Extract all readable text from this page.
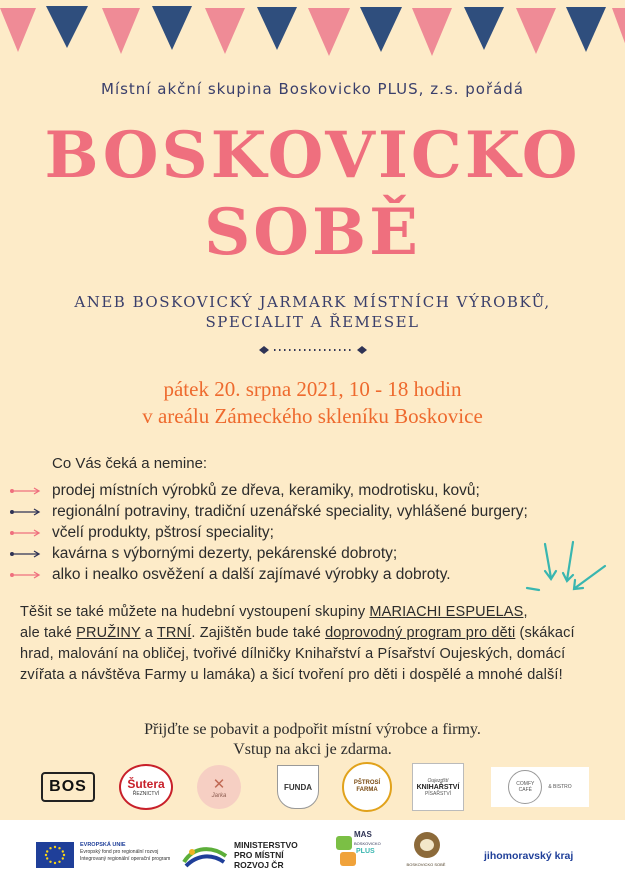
Místní akční skupina Boskovicko PLUS, z.s. pořádá
BOSKOVICKO
SOBĚ
ANEB BOSKOVICKÝ JARMARK MÍSTNÍCH VÝROBKŮ,
SPECIALIT A ŘEMESEL
pátek 20. srpna 2021, 10 - 18 hodin
v areálu Zámeckého skleníku Boskovice
Co Vás čeká a nemine:
prodej místních výrobků ze dřeva, keramiky, modrotisku, kovů;
regionální potraviny, tradiční uzenářské speciality, vyhlášené burgery;
včelí produkty, pštrosí speciality;
kavárna s výbornými dezerty, pekárenské dobroty;
alko i nealko osvěžení a další zajímavé výrobky a dobroty.
Těšit se také můžete na hudební vystoupení skupiny MARIACHI ESPUELAS,
ale také PRUŽINY a TRNÍ. Zajištěn bude také doprovodný program pro děti (skákací hrad, malování na obličej, tvořivé dílničky Knihařství a Písařství Oujeských, domácí zvířata a návštěva Farmy u lamáka) a šicí tvoření pro děti i dospělé a mnohé další!
Přijďte se pobavit a podpořit místní výrobce a firmy.
Vstup na akci je zdarma.
BOS	Šutera
ŘEZNICTVÍ
✕
Jarka
FUNDA	PŠTROSÍ FARMA
Oujezdští
KNIHAŘSTVÍ
PÍSAŘSTVÍ
COMFY
CAFÉ	& BISTRO
EVROPSKÁ UNIE
Evropský fond pro regionální rozvoj
Integrovaný regionální operační program
MINISTERSTVO
PRO MÍSTNÍ
ROZVOJ ČR
MAS
BOSKOVICKO
PLUS
BOSKOVICKO SOBĚ
jihomoravský kraj
